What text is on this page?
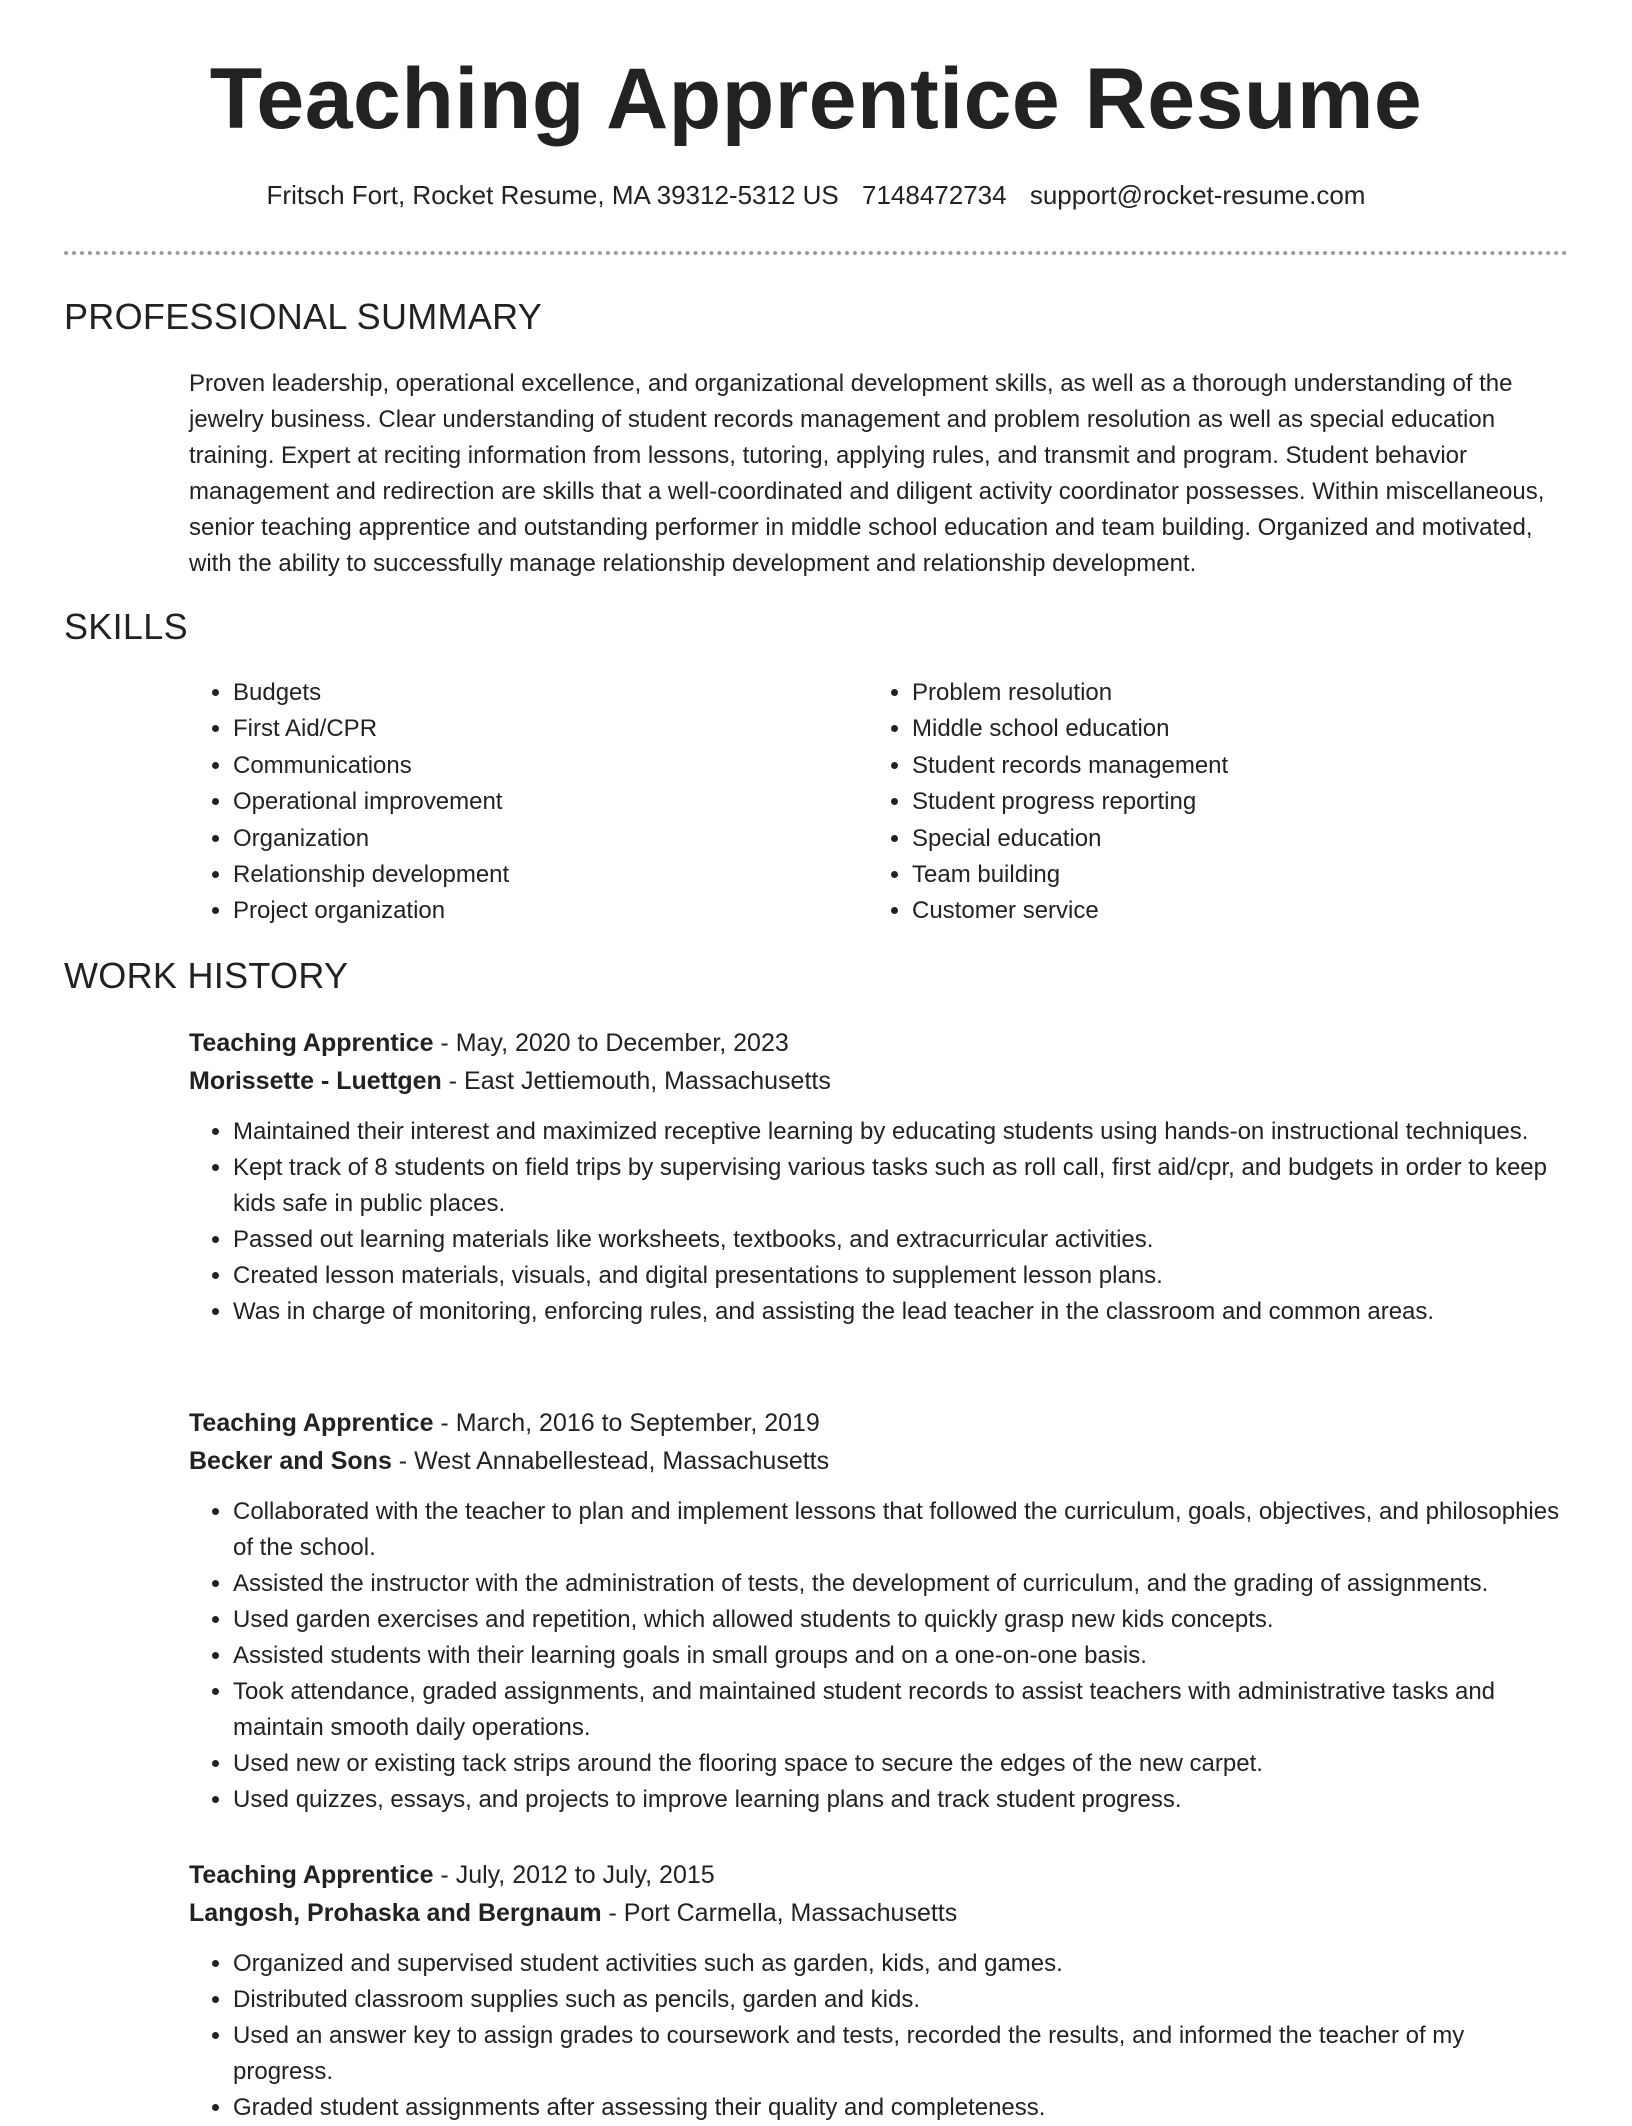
Teaching Apprentice Resume
Fritsch Fort, Rocket Resume, MA 39312-5312 US 7148472734 support@rocket-resume.com
PROFESSIONAL SUMMARY
Proven leadership, operational excellence, and organizational development skills, as well as a thorough understanding of the jewelry business. Clear understanding of student records management and problem resolution as well as special education training. Expert at reciting information from lessons, tutoring, applying rules, and transmit and program. Student behavior management and redirection are skills that a well-coordinated and diligent activity coordinator possesses. Within miscellaneous, senior teaching apprentice and outstanding performer in middle school education and team building. Organized and motivated, with the ability to successfully manage relationship development and relationship development.
SKILLS
• Budgets
• First Aid/CPR
• Communications
• Operational improvement
• Organization
• Relationship development
• Project organization
• Problem resolution
• Middle school education
• Student records management
• Student progress reporting
• Special education
• Team building
• Customer service
WORK HISTORY
Teaching Apprentice - May, 2020 to December, 2023
Morissette - Luettgen - East Jettiemouth, Massachusetts
• Maintained their interest and maximized receptive learning by educating students using hands-on instructional techniques.
• Kept track of 8 students on field trips by supervising various tasks such as roll call, first aid/cpr, and budgets in order to keep kids safe in public places.
• Passed out learning materials like worksheets, textbooks, and extracurricular activities.
• Created lesson materials, visuals, and digital presentations to supplement lesson plans.
• Was in charge of monitoring, enforcing rules, and assisting the lead teacher in the classroom and common areas.
Teaching Apprentice - March, 2016 to September, 2019
Becker and Sons - West Annabellestead, Massachusetts
• Collaborated with the teacher to plan and implement lessons that followed the curriculum, goals, objectives, and philosophies of the school.
• Assisted the instructor with the administration of tests, the development of curriculum, and the grading of assignments.
• Used garden exercises and repetition, which allowed students to quickly grasp new kids concepts.
• Assisted students with their learning goals in small groups and on a one-on-one basis.
• Took attendance, graded assignments, and maintained student records to assist teachers with administrative tasks and maintain smooth daily operations.
• Used new or existing tack strips around the flooring space to secure the edges of the new carpet.
• Used quizzes, essays, and projects to improve learning plans and track student progress.
Teaching Apprentice - July, 2012 to July, 2015
Langosh, Prohaska and Bergnaum - Port Carmella, Massachusetts
• Organized and supervised student activities such as garden, kids, and games.
• Distributed classroom supplies such as pencils, garden and kids.
• Used an answer key to assign grades to coursework and tests, recorded the results, and informed the teacher of my progress.
• Graded student assignments after assessing their quality and completeness.
